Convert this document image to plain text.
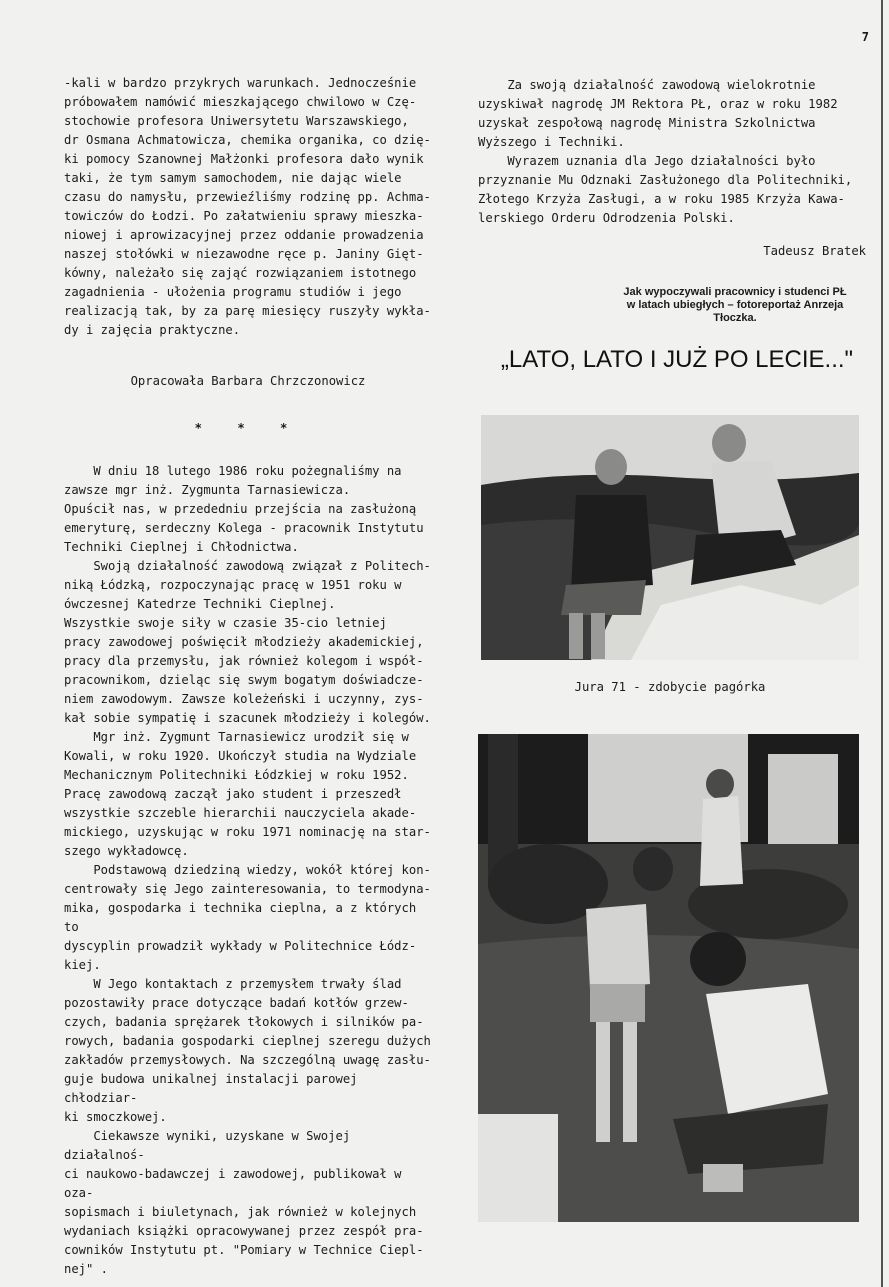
7

-kali w bardzo przykrych warunkach. Jednocześnie
próbowałem namówić mieszkającego chwilowo w Czę-
stochowie profesora Uniwersytetu Warszawskiego,
dr Osmana Achmatowicza, chemika organika, co dzię-
ki pomocy Szanownej Małżonki profesora dało wynik
taki, że tym samym samochodem, nie dając wiele
czasu do namysłu, przewieźliśmy rodzinę pp. Achma-
towiczów do Łodzi. Po załatwieniu sprawy mieszka-
niowej i aprowizacyjnej przez oddanie prowadzenia
naszej stołówki w niezawodne ręce p. Janiny Gięt-
kówny, należało się zająć rozwiązaniem istotnego
zagadnienia - ułożenia programu studiów i jego
realizacją tak, by za parę miesięcy ruszyły wykła-
dy i zajęcia praktyczne.

Opracowała Barbara Chrzczonowicz

* * *

W dniu 18 lutego 1986 roku pożegnaliśmy na
zawsze mgr inż. Zygmunta Tarnasiewicza.
Opuścił nas, w przededniu przejścia na zasłużoną
emeryturę, serdeczny Kolega - pracownik Instytutu
Techniki Cieplnej i Chłodnictwa.

Swoją działalność zawodową związał z Politech-
niką Łódzką, rozpoczynając pracę w 1951 roku w
ówczesnej Katedrze Techniki Cieplnej.
Wszystkie swoje siły w czasie 35-cio letniej
pracy zawodowej poświęcił młodzieży akademickiej,
pracy dla przemysłu, jak również kolegom i współ-
pracownikom, dzieląc się swym bogatym doświadcze-
niem zawodowym. Zawsze koleżeński i uczynny, zys-
kał sobie sympatię i szacunek młodzieży i kolegów.

Mgr inż. Zygmunt Tarnasiewicz urodził się w
Kowali, w roku 1920. Ukończył studia na Wydziale
Mechanicznym Politechniki Łódzkiej w roku 1952.
Pracę zawodową zaczął jako student i przeszedł
wszystkie szczeble hierarchii nauczyciela akade-
mickiego, uzyskując w roku 1971 nominację na star-
szego wykładowcę.

Podstawową dziedziną wiedzy, wokół której kon-
centrowały się Jego zainteresowania, to termodyna-
mika, gospodarka i technika cieplna, a z których to
dyscyplin prowadził wykłady w Politechnice Łódz-
kiej.

W Jego kontaktach z przemysłem trwały ślad
pozostawiły prace dotyczące badań kotłów grzew-
czych, badania sprężarek tłokowych i silników pa-
rowych, badania gospodarki cieplnej szeregu dużych
zakładów przemysłowych. Na szczególną uwagę zasłu-
guje budowa unikalnej instalacji parowej chłodziar-
ki smoczkowej.

Ciekawsze wyniki, uzyskane w Swojej działalnoś-
ci naukowo-badawczej i zawodowej, publikował w oza-
sopismach i biuletynach, jak również w kolejnych
wydaniach książki opracowywanej przez zespół pra-
cowników Instytutu pt. "Pomiary w Technice Ciepl-
nej" .

Za swoją działalność zawodową wielokrotnie
uzyskiwał nagrodę JM Rektora PŁ, oraz w roku 1982
uzyskał zespołową nagrodę Ministra Szkolnictwa
Wyższego i Techniki.

Wyrazem uznania dla Jego działalności było
przyznanie Mu Odznaki Zasłużonego dla Politechniki,
Złotego Krzyża Zasługi, a w roku 1985 Krzyża Kawa-
lerskiego Orderu Odrodzenia Polski.

Tadeusz Bratek

Jak wypoczywali pracownicy i studenci PŁ
w latach ubiegłych – fotoreportaż Anrzeja
Tłoczka.
„LATO, LATO I JUŻ PO LECIE..."
Jura 71 - zdobycie pagórka
